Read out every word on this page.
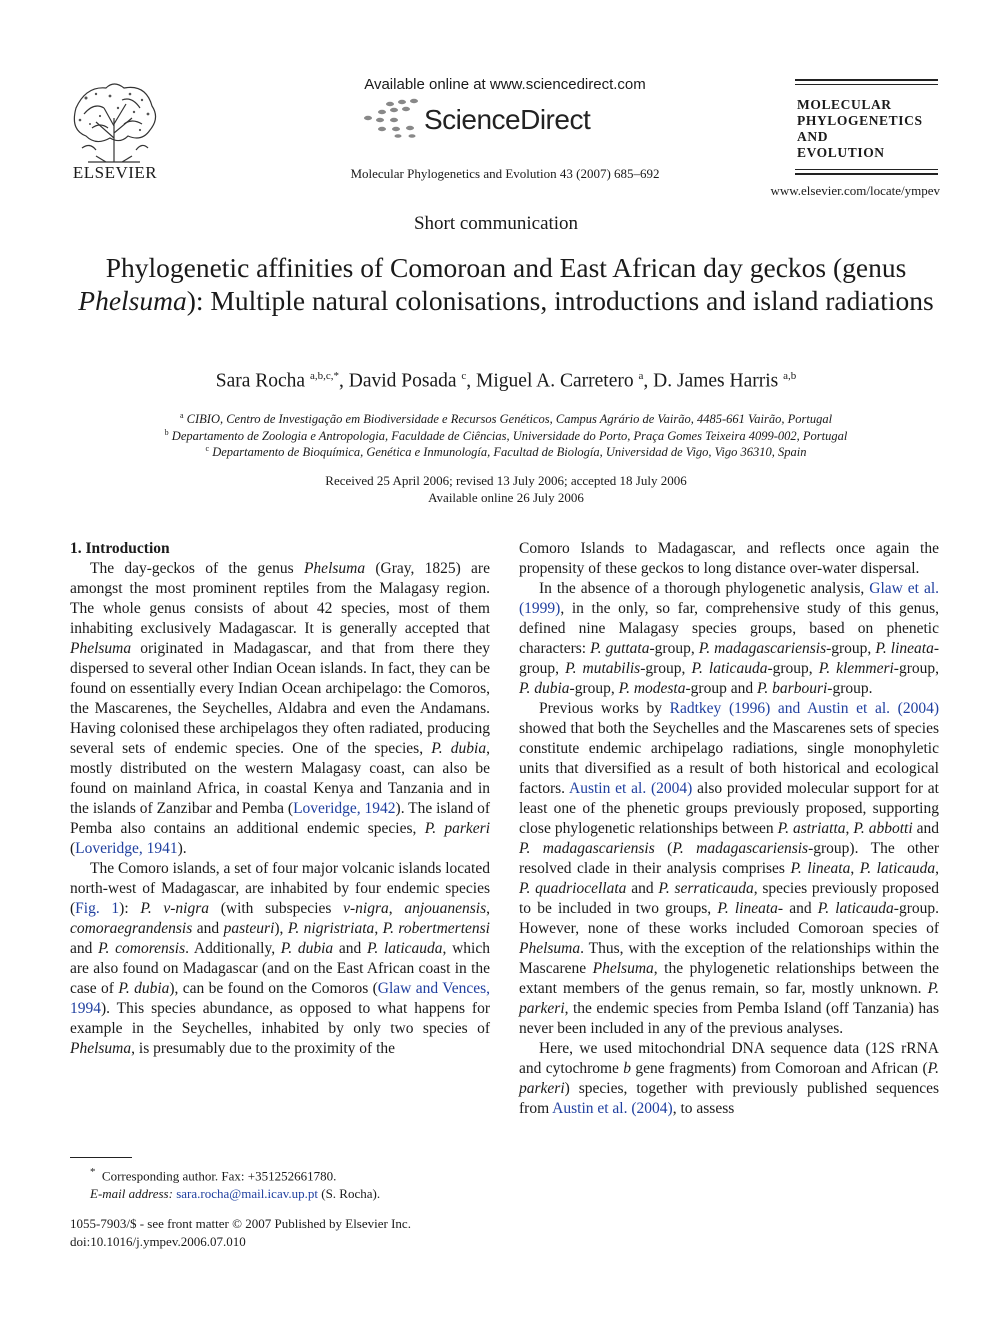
ELSEVIER
Available online at www.sciencedirect.com
ScienceDirect
Molecular Phylogenetics and Evolution 43 (2007) 685–692
MOLECULAR
PHYLOGENETICS
AND
EVOLUTION
www.elsevier.com/locate/ympev
Short communication
Phylogenetic affinities of Comoroan and East African day geckos (genus Phelsuma): Multiple natural colonisations, introductions and island radiations
Sara Rocha $^{a,b,c,*}$, David Posada $^c$, Miguel A. Carretero $^a$, D. James Harris $^{a,b}$
$^a$ CIBIO, Centro de Investigação em Biodiversidade e Recursos Genéticos, Campus Agrário de Vairão, 4485-661 Vairão, Portugal
$^b$ Departamento de Zoologia e Antropologia, Faculdade de Ciências, Universidade do Porto, Praça Gomes Teixeira 4099-002, Portugal
$^c$ Departamento de Bioquímica, Genética e Inmunología, Facultad de Biología, Universidad de Vigo, Vigo 36310, Spain
Received 25 April 2006; revised 13 July 2006; accepted 18 July 2006
Available online 26 July 2006

1. Introduction

The day-geckos of the genus Phelsuma (Gray, 1825) are amongst the most prominent reptiles from the Malagasy region. The whole genus consists of about 42 species, most of them inhabiting exclusively Madagascar. It is generally accepted that Phelsuma originated in Madagascar, and that from there they dispersed to several other Indian Ocean islands. In fact, they can be found on essentially every Indian Ocean archipelago: the Comoros, the Mascarenes, the Seychelles, Aldabra and even the Andamans. Having colonised these archipelagos they often radiated, producing several sets of endemic species. One of the species, P. dubia, mostly distributed on the western Malagasy coast, can also be found on mainland Africa, in coastal Kenya and Tanzania and in the islands of Zanzibar and Pemba (Loveridge, 1942). The island of Pemba also contains an additional endemic species, P. parkeri (Loveridge, 1941).

The Comoro islands, a set of four major volcanic islands located north-west of Madagascar, are inhabited by four endemic species (Fig. 1): P. v-nigra (with subspecies v-nigra, anjouanensis, comoraegrandensis and pasteuri), P. nigristriata, P. robertmertensi and P. comorensis. Additionally, P. dubia and P. laticauda, which are also found on Madagascar (and on the East African coast in the case of P. dubia), can be found on the Comoros (Glaw and Vences, 1994). This species abundance, as opposed to what happens for example in the Seychelles, inhabited by only two species of Phelsuma, is presumably due to the proximity of the

Comoro Islands to Madagascar, and reflects once again the propensity of these geckos to long distance over-water dispersal.

In the absence of a thorough phylogenetic analysis, Glaw et al. (1999), in the only, so far, comprehensive study of this genus, defined nine Malagasy species groups, based on phenetic characters: P. guttata-group, P. madagascariensis-group, P. lineata-group, P. mutabilis-group, P. laticauda-group, P. klemmeri-group, P. dubia-group, P. modesta-group and P. barbouri-group.

Previous works by Radtkey (1996) and Austin et al. (2004) showed that both the Seychelles and the Mascarenes sets of species constitute endemic archipelago radiations, single monophyletic units that diversified as a result of both historical and ecological factors. Austin et al. (2004) also provided molecular support for at least one of the phenetic groups previously proposed, supporting close phylogenetic relationships between P. astriatta, P. abbotti and P. madagascariensis (P. madagascariensis-group). The other resolved clade in their analysis comprises P. lineata, P. laticauda, P. quadriocellata and P. serraticauda, species previously proposed to be included in two groups, P. lineata- and P. laticauda-group. However, none of these works included Comoroan species of Phelsuma. Thus, with the exception of the relationships within the Mascarene Phelsuma, the phylogenetic relationships between the extant members of the genus remain, so far, mostly unknown. P. parkeri, the endemic species from Pemba Island (off Tanzania) has never been included in any of the previous analyses.

Here, we used mitochondrial DNA sequence data (12S rRNA and cytochrome b gene fragments) from Comoroan and African (P. parkeri) species, together with previously published sequences from Austin et al. (2004), to assess

* Corresponding author. Fax: +351252661780.
E-mail address: sara.rocha@mail.icav.up.pt (S. Rocha).
1055-7903/$ - see front matter © 2007 Published by Elsevier Inc.
doi:10.1016/j.ympev.2006.07.010
